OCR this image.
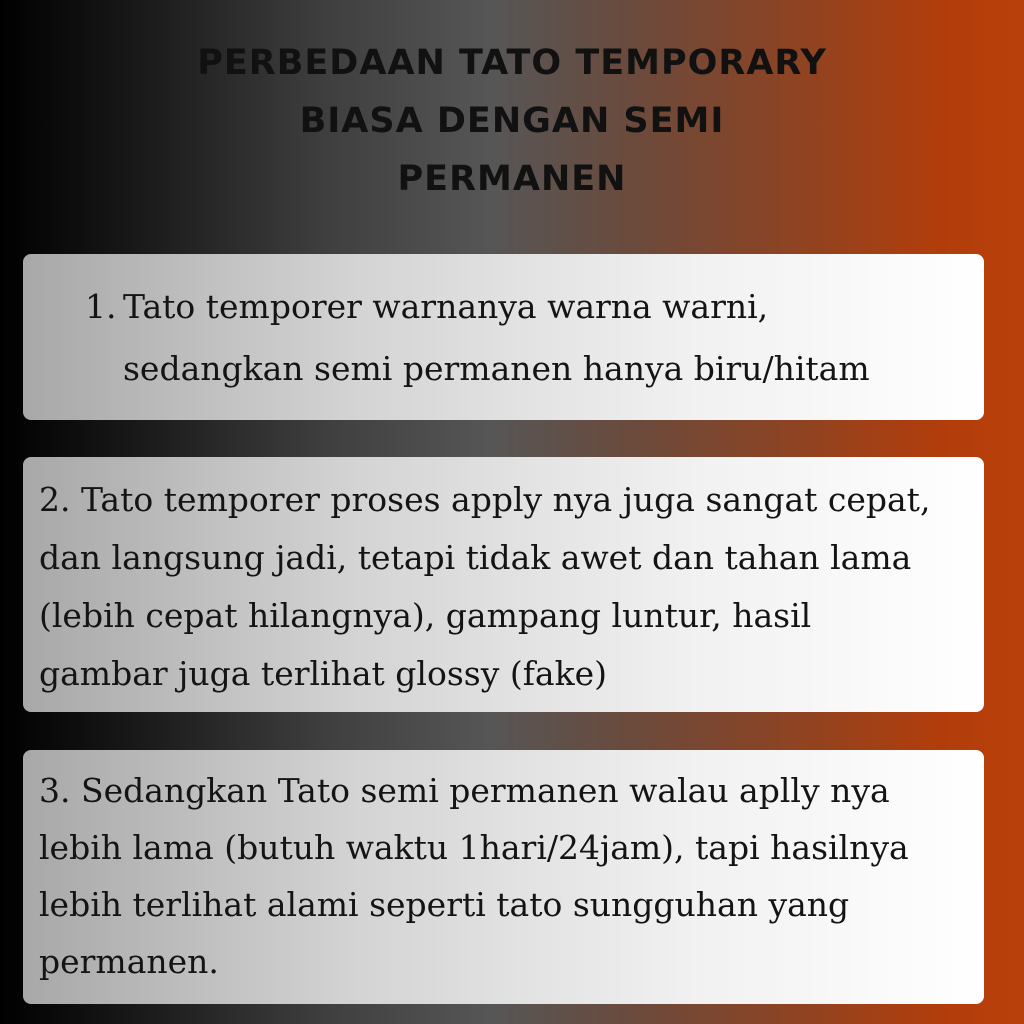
PERBEDAAN TATO TEMPORARY
BIASA DENGAN SEMI
PERMANEN
1. Tato temporer warnanya warna warni,
sedangkan semi permanen hanya biru/hitam
2. Tato temporer proses apply nya juga sangat cepat,
dan langsung jadi, tetapi tidak awet dan tahan lama
(lebih cepat hilangnya), gampang luntur, hasil
gambar juga terlihat glossy (fake)
3. Sedangkan Tato semi permanen walau aplly nya
lebih lama (butuh waktu 1hari/24jam), tapi hasilnya
lebih terlihat alami seperti tato sungguhan yang
permanen.
